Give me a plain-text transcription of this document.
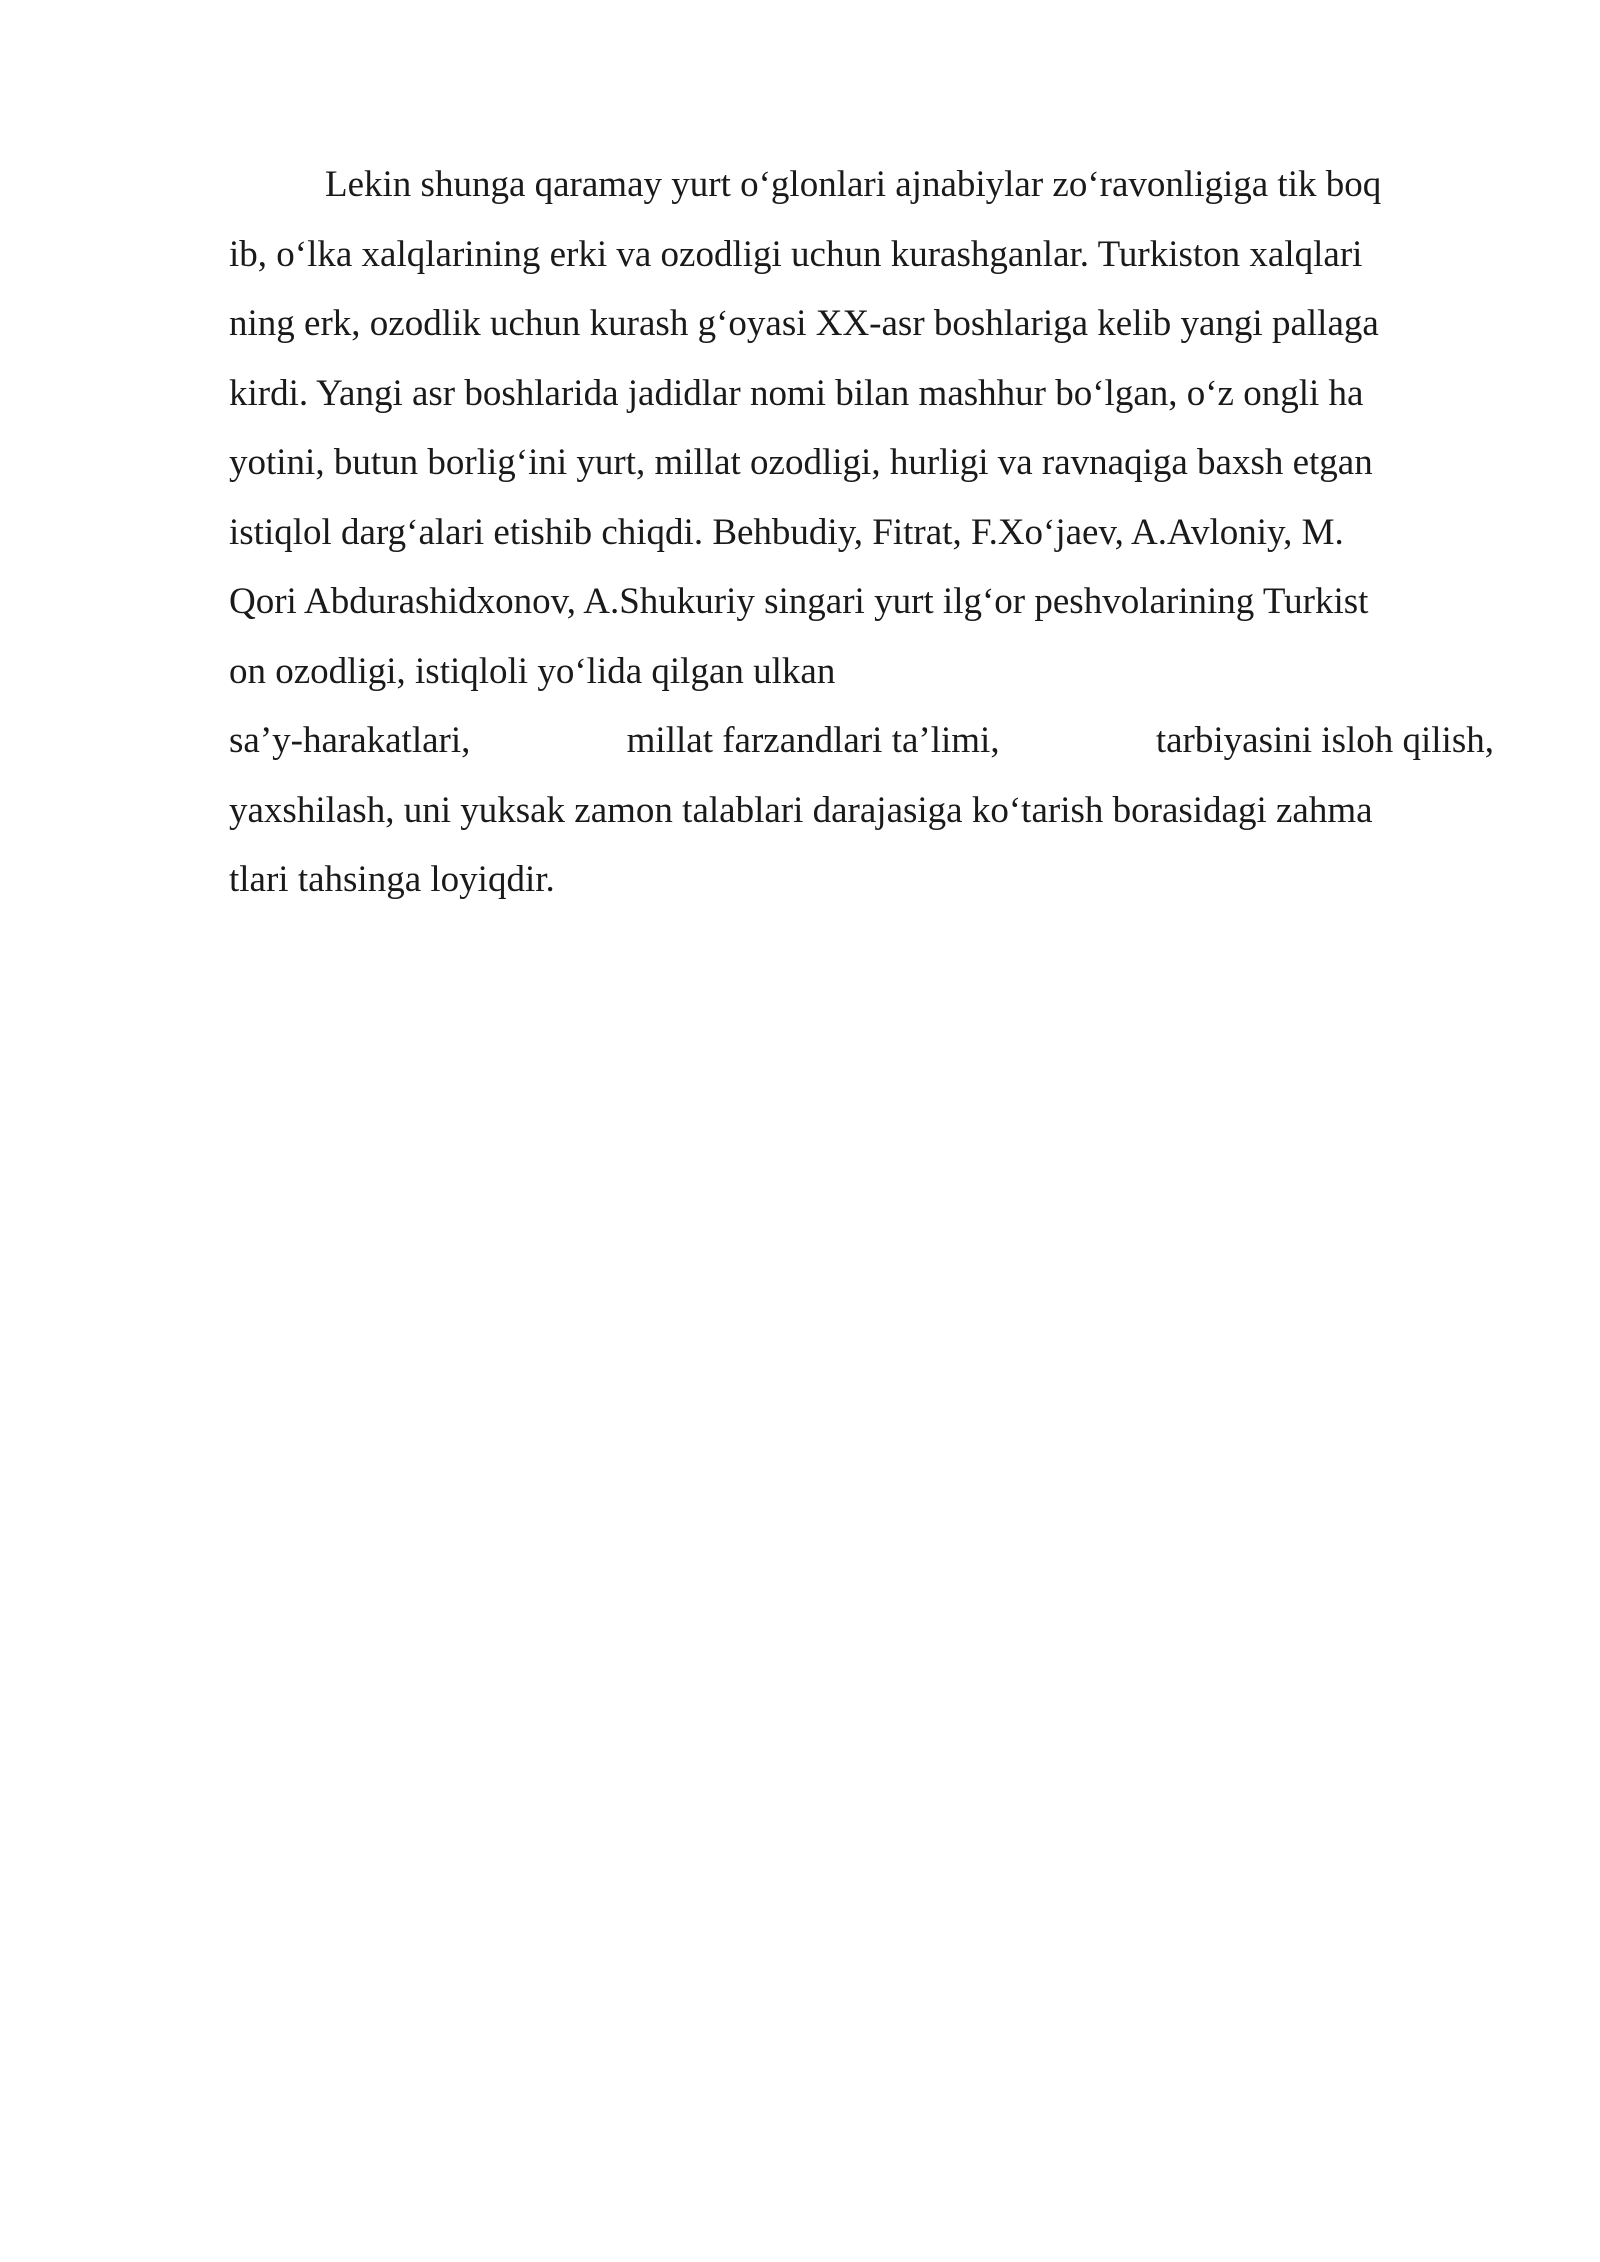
Lekin shunga qaramay yurt o‘glonlari ajnabiylar zo‘ravonligiga tik boq
ib, o‘lka xalqlarining erki va ozodligi uchun kurashganlar. Turkiston xalqlari
ning erk, ozodlik uchun kurash g‘oyasi XX-asr boshlariga kelib yangi pallaga
kirdi. Yangi asr boshlarida jadidlar nomi bilan mashhur bo‘lgan, o‘z ongli ha
yotini, butun borlig‘ini yurt, millat ozodligi, hurligi va ravnaqiga baxsh etgan
istiqlol darg‘alari etishib chiqdi. Behbudiy, Fitrat, F.Xo‘jaev, A.Avloniy, M.
Qori Abdurashidxonov, A.Shukuriy singari yurt ilg‘or peshvolarining Turkist
on ozodligi, istiqloli yo‘lida qilgan ulkan
sa’y-harakatlari,	millat farzandlari ta’limi,	tarbiyasini isloh qilish,
yaxshilash, uni yuksak zamon talablari darajasiga ko‘tarish borasidagi zahma
tlari tahsinga loyiqdir.
